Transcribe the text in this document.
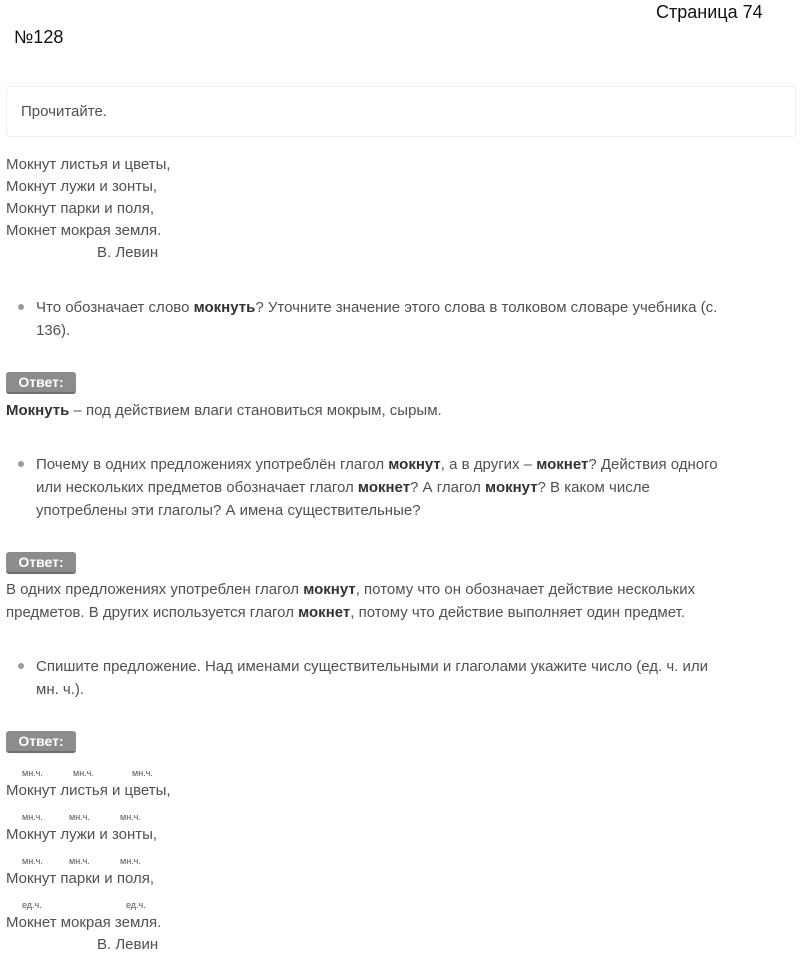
Страница 74
№128
Прочитайте.
Мокнут листья и цветы,
Мокнут лужи и зонты,
Мокнут парки и поля,
Мокнет мокрая земля.
В. Левин
Что обозначает слово мокнуть? Уточните значение этого слова в толковом словаре учебника (с.
136).
Ответ:
Мокнуть – под действием влаги становиться мокрым, сырым.
Почему в одних предложениях употреблён глагол мокнут, а в других – мокнет? Действия одного
или нескольких предметов обозначает глагол мокнет? А глагол мокнут? В каком числе
употреблены эти глаголы? А имена существительные?
Ответ:
В одних предложениях употреблен глагол мокнут, потому что он обозначает действие нескольких
предметов. В других используется глагол мокнет, потому что действие выполняет один предмет.
Спишите предложение. Над именами существительными и глаголами укажите число (ед. ч. или
мн. ч.).
Ответ:
мн.ч.	мн.ч.	мн.ч.
Мокнут листья и цветы,
мн.ч.	мн.ч.	мн.ч.
Мокнут лужи и зонты,
мн.ч.	мн.ч.	мн.ч.
Мокнут парки и поля,
ед.ч.	ед.ч.
Мокнет мокрая земля.
В. Левин
